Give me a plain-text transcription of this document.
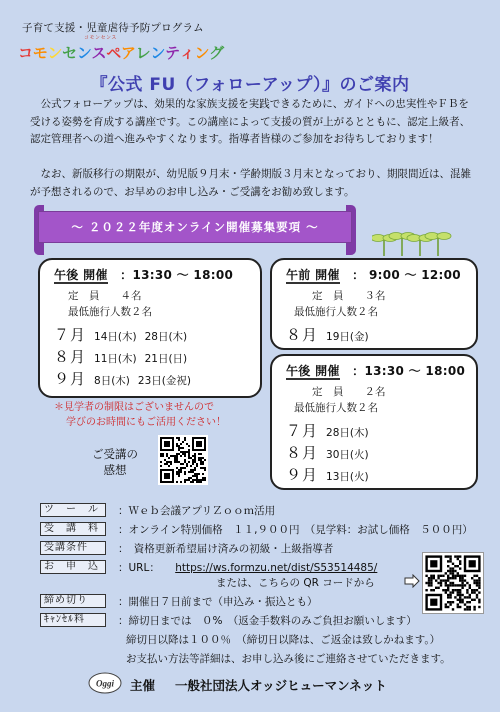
子育て支援・児童虐待予防プログラム
コモンセンス
コモンセンスペアレンティング
『公式 FU（フォローアップ）』のご案内
公式フォローアップは、効果的な家族支援を実践できるために、ガイドへの忠実性やＦＢを受ける姿勢を育成する講座です。この講座によって支援の質が上がるとともに、認定上級者、認定管理者への道へ進みやすくなります。指導者皆様のご参加をお待ちしております！
なお、新版移行の期限が、幼児版９月末・学齢期版３月末となっており、期限間近は、混雑が予想されるので、お早めのお申し込み・ご受講をお勧め致します。
～ ２０２２年度オンライン開催募集要項 ～
午後 開催 ：13:30 〜 18:00
定　員　　４名
最低施行人数２名
７月 14日(木) 28日(木)
８月 11日(木) 21日(日)
９月 8日(木) 23日(金祝)
午前 開催 ： 9:00 〜 12:00
定　員　　３名
最低施行人数２名
８月 19日(金)
午後 開催 ：13:30 〜 18:00
定　員　　２名
最低施行人数２名
７月 28日(木)
８月 30日(火)
９月 13日(火)
＊見学者の制限はございませんので
学びのお時間にもご活用ください！
ご受講の
感想
ツ　ー　ル ：Ｗｅｂ会議アプリＺｏｏｍ活用
受　講　料 ：オンライン特別価格　１１,９００円　（見学料：お試し価格　５００円）
受講条件	：　資格更新希望届け済みの初級・上級指導者
お　申　込 ：URL： https://ws.formzu.net/dist/S53514485/
または、こちらの QR コードから
締め切り	：開催日７日前まで（申込み・振込とも）
ｷｬﾝｾﾙ料	：締切日までは　０%　（返金手数料のみご負担お願いします）
締切日以降は１００％　（締切日以降は、ご返金は致しかねます。）
お支払い方法等詳細は、お申し込み後にご連絡させていただきます。
Oggi 主催 一般社団法人オッジヒューマンネット
